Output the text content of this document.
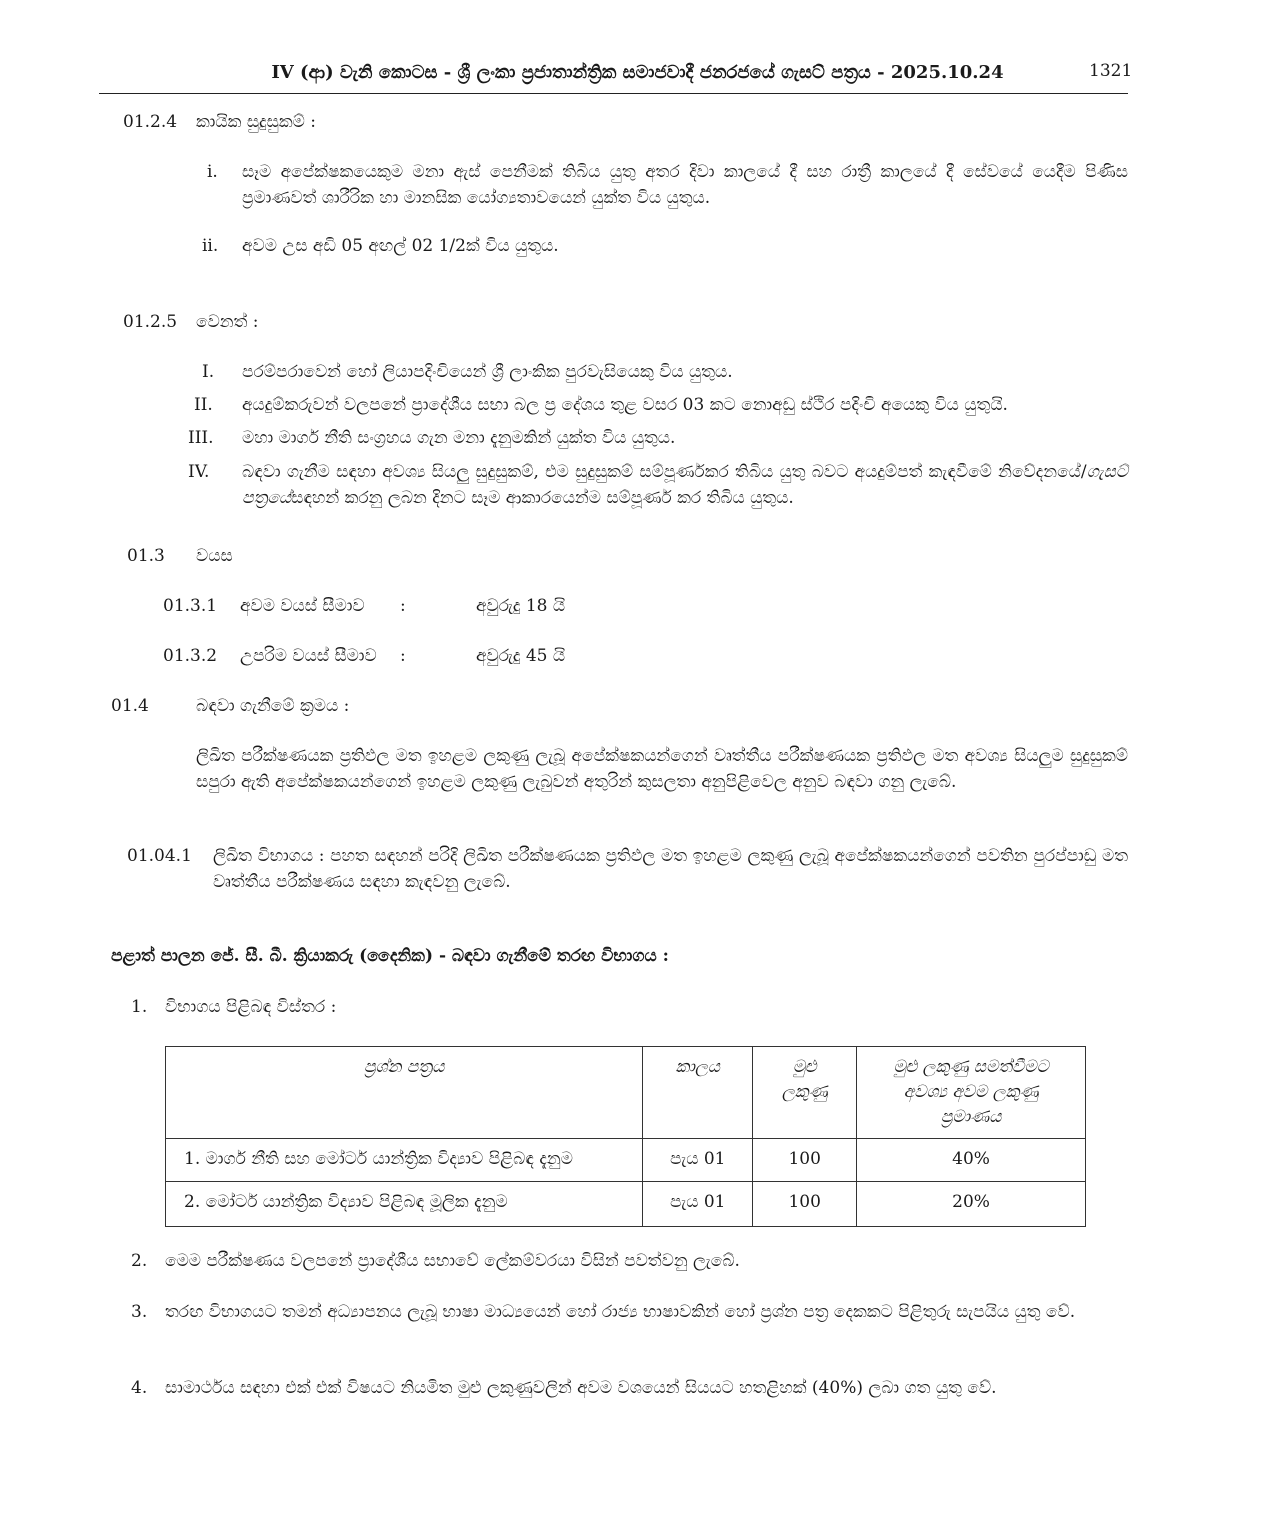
IV (ආ) වැනි කොටස - ශ්‍රී ලංකා ප්‍රජාතාන්ත්‍රික සමාජවාදී ජනරජයේ ගැසට් පත්‍රය - 2025.10.24	1321
01.2.4 කායික සුදුසුකම් :
i. සෑම අපේක්ෂකයෙකුම මනා ඇස් පෙනීමක් තිබිය යුතු අතර දිවා කාලයේ දී සහ රාත්‍රී කාලයේ දී සේවයේ යෙදීම පිණිස ප්‍රමාණවත් ශාරීරික හා මානසික යෝග්‍යතාවයෙන් යුක්ත විය යුතුය.
ii. අවම උස අඩි 05 අඟල් 02 1/2ක් විය යුතුය.
01.2.5 වෙනත් :
I. පරම්පරාවෙන් හෝ ලියාපදිංචියෙන් ශ්‍රී ලාංකික පුරවැසියෙකු විය යුතුය.
II. අයදුම්කරුවන් වලපනේ ප්‍රාදේශීය සභා බල ප්‍ර දේශය තුළ වසර 03 කට නොඅඩු ස්ථිර පදිංචි අයෙකු විය යුතුයි.
III. මහා මාර්ග නීති සංග්‍රහය ගැන මනා දැනුමකින් යුක්ත විය යුතුය.
IV. බඳවා ගැනීම සඳහා අවශ්‍ය සියලු සුදුසුකම්, එම සුදුසුකම් සම්පූර්ණකර තිබිය යුතු බවට අයදුම්පත් කැඳවීමේ නිවේදනයේ/ගැසට් පත්‍රයේසඳහන් කරනු ලබන දිනට සෑම ආකාරයෙන්ම සම්පූර්ණ කර තිබිය යුතුය.
01.3 වයස
01.3.1 අවම වයස් සීමාව :	අවුරුදු 18 යි
01.3.2 උපරිම වයස් සීමාව :	අවුරුදු 45 යි
01.4	බඳවා ගැනීමේ ක්‍රමය :
ලිඛිත පරීක්ෂණයක ප්‍රතිඵල මත ඉහළම ලකුණු ලැබූ අපේක්ෂකයන්ගෙන් වෘත්තීය පරීක්ෂණයක ප්‍රතිඵල මත අවශ්‍ය සියලුම සුදුසුකම් සපුරා ඇති අපේක්ෂකයන්ගෙන් ඉහළම ලකුණු ලැබුවන් අතුරින් කුසලතා අනුපිළිවෙල අනුව බඳවා ගනු ලැබේ.
01.04.1 ලිඛිත විභාගය : පහත සඳහන් පරිදි ලිඛිත පරීක්ෂණයක ප්‍රතිඵල මත ඉහළම ලකුණු ලැබූ අපේක්ෂකයන්ගෙන් පවතින පුරප්පාඩු මත වෘත්තීය පරීක්ෂණය සඳහා කැඳවනු ලැබේ.
පළාත් පාලන ජේ. සී. බී. ක්‍රියාකරු (දෛනික) - බඳවා ගැනීමේ තරඟ විභාගය :
1. විභාගය පිළිබඳ විස්තර :
ප්‍රශ්න පත්‍රය	කාලය	මුළු ලකුණු	මුළු ලකුණු සමත්වීමට අවශ්‍ය අවම ලකුණු ප්‍රමාණය
1. මාර්ග නීති සහ මෝටර් යාන්ත්‍රික විද්‍යාව පිළිබඳ දැනුම	පැය 01	100	40%
2. මෝටර් යාන්ත්‍රික විද්‍යාව පිළිබඳ මූලික දැනුම	පැය 01	100	20%
2. මෙම පරීක්ෂණය වලපනේ ප්‍රාදේශීය සභාවේ ලේකම්වරයා විසින් පවත්වනු ලැබේ.
3. තරඟ විභාගයට තමන් අධ්‍යාපනය ලැබූ භාෂා මාධ්‍යයෙන් හෝ රාජ්‍ය භාෂාවකින් හෝ ප්‍රශ්න පත්‍ර දෙකකට පිළිතුරු සැපයිය යුතු වේ.
4. සාමාර්ථය සඳහා එක් එක් විෂයට නියමිත මුළු ලකුණුවලින් අවම වශයෙන් සියයට හතළිහක් (40%) ලබා ගත යුතු වේ.
